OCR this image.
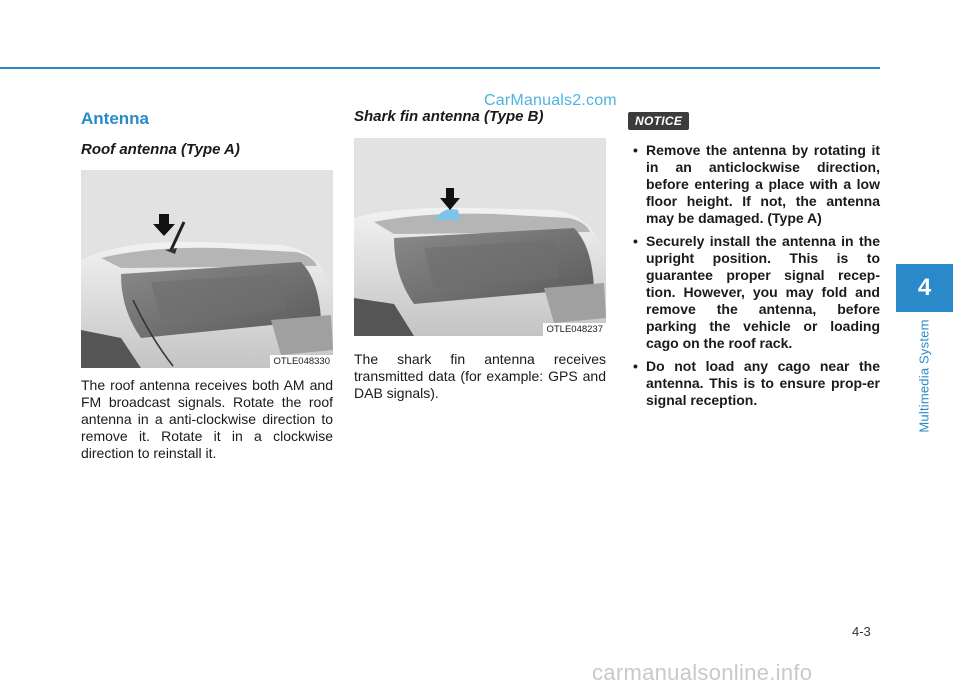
CarManuals2.com
Antenna
Roof antenna (Type A)
OTLE048330

The roof antenna receives both AM and FM broadcast signals. Rotate the roof antenna in a anti-clockwise direction to remove it. Rotate it in a clockwise direction to reinstall it.

Shark fin antenna (Type B)
OTLE048237

The shark fin antenna receives transmitted data (for example: GPS and DAB signals).

NOTICE
• Remove the antenna by rotating it in an anticlockwise direction, before entering a place with a low floor height. If not, the antenna may be damaged. (Type A)
• Securely install the antenna in the upright position. This is to guarantee proper signal recep-tion. However, you may fold and remove the antenna, before parking the vehicle or loading cago on the roof rack.
• Do not load any cago near the antenna. This is to ensure prop-er signal reception.
4
Multimedia System
4-3
carmanualsonline.info
